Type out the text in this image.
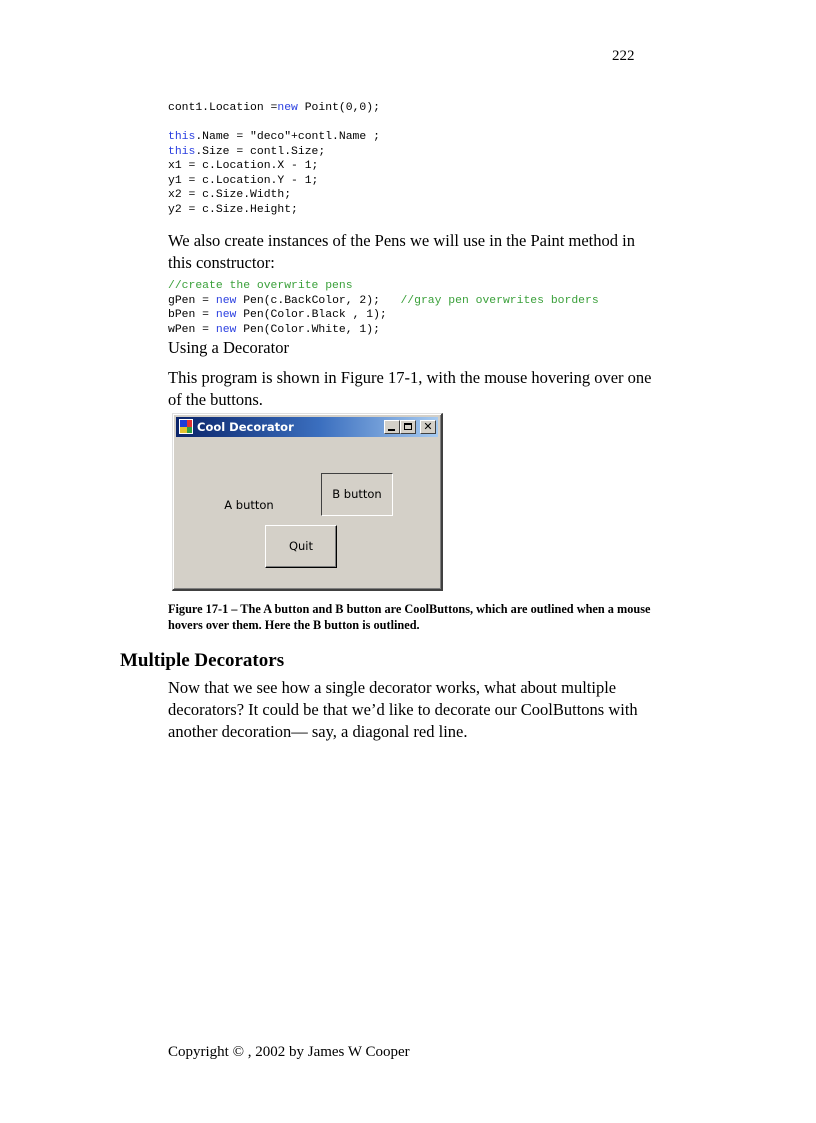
222
cont1.Location =new Point(0,0);

this.Name = "deco"+contl.Name ;
this.Size = contl.Size;
x1 = c.Location.X - 1;
y1 = c.Location.Y - 1;
x2 = c.Size.Width;
y2 = c.Size.Height;

We also create instances of the Pens we will use in the Paint method in this constructor:

//create the overwrite pens
gPen = new Pen(c.BackColor, 2);   //gray pen overwrites borders
bPen = new Pen(Color.Black , 1);
wPen = new Pen(Color.White, 1);

Using a Decorator

This program is shown in Figure 17-1, with the mouse hovering over one of the buttons.

Cool Decorator	✕
A button
B button
Quit

Figure 17-1 – The A button and B button are CoolButtons, which are outlined when a mouse hovers over them. Here the B button is outlined.

Multiple Decorators

Now that we see how a single decorator works, what about multiple decorators? It could be that we’d like to decorate our CoolButtons with another decoration— say, a diagonal red line.

Copyright © , 2002 by James W Cooper
